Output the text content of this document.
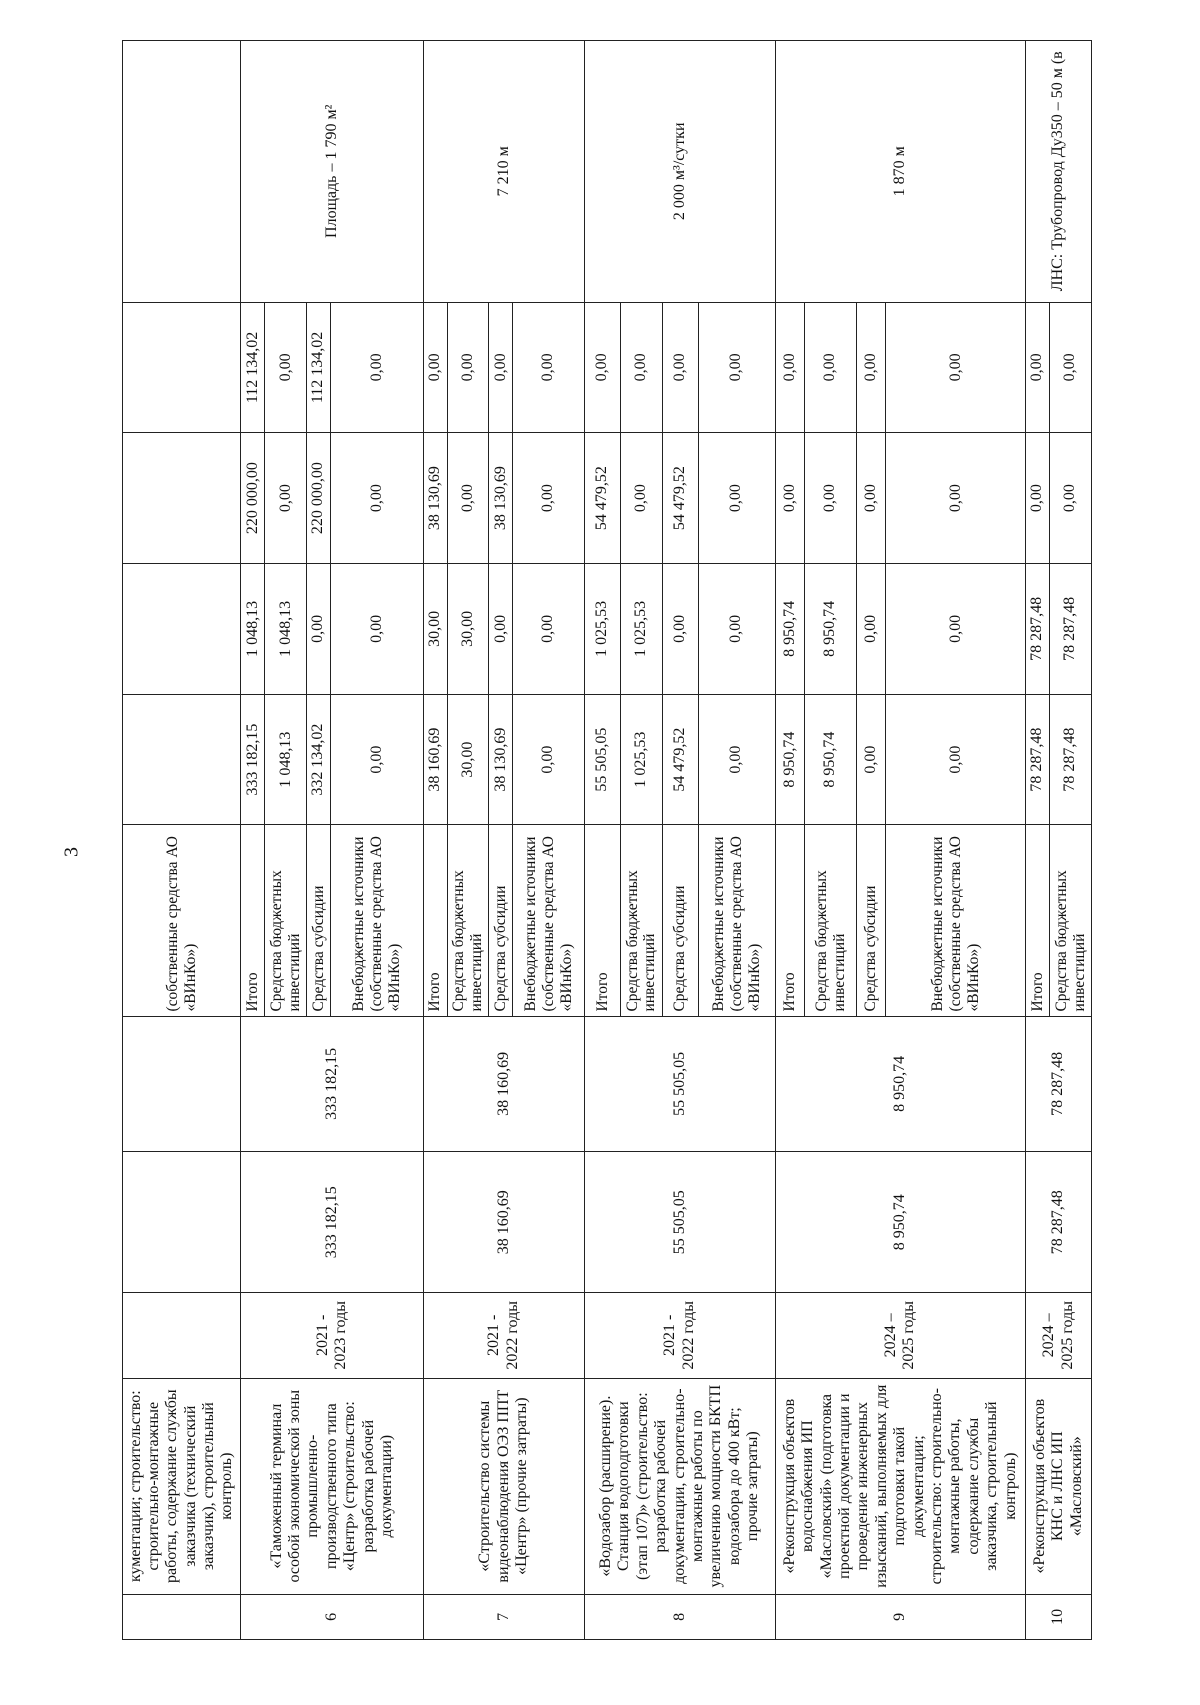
3
	кументации; строительство: строительно-монтажные работы, содержание службы заказчика (технический заказчик), строительный контроль)				(собственные средства АО «ВИнКо»)					
6	«Таможенный терминал особой экономической зоны промышленно-производственного типа «Центр» (строительство: разработка рабочей документации)	2021 - 2023 годы	333 182,15	333 182,15	Итого	333 182,15	1 048,13	220 000,00	112 134,02	Площадь – 1 790 м²
					Средства бюджетных инвестиций	1 048,13	1 048,13	0,00	0,00	
					Средства субсидии	332 134,02	0,00	220 000,00	112 134,02	
					Внебюджетные источники (собственные средства АО «ВИнКо»)	0,00	0,00	0,00	0,00	
7	«Строительство системы видеонаблюдения ОЭЗ ППТ «Центр» (прочие затраты)	2021 - 2022 годы	38 160,69	38 160,69	Итого	38 160,69	30,00	38 130,69	0,00	7 210 м
					Средства бюджетных инвестиций	30,00	30,00	0,00	0,00	
					Средства субсидии	38 130,69	0,00	38 130,69	0,00	
					Внебюджетные источники (собственные средства АО «ВИнКо»)	0,00	0,00	0,00	0,00	
8	«Водозабор (расширение). Станция водоподготовки (этап 107)» (строительство: разработка рабочей документации, строительно-монтажные работы по увеличению мощности БКТП водозабора до 400 кВт; прочие затраты)	2021 - 2022 годы	55 505,05	55 505,05	Итого	55 505,05	1 025,53	54 479,52	0,00	2 000 м³/сутки
					Средства бюджетных инвестиций	1 025,53	1 025,53	0,00	0,00	
					Средства субсидии	54 479,52	0,00	54 479,52	0,00	
					Внебюджетные источники (собственные средства АО «ВИнКо»)	0,00	0,00	0,00	0,00	
9	«Реконструкция объектов водоснабжения ИП «Масловский» (подготовка проектной документации и проведение инженерных изысканий, выполняемых для подготовки такой документации; строительство: строительно-монтажные работы, содержание службы заказчика, строительный контроль)	2024 – 2025 годы	8 950,74	8 950,74	Итого	8 950,74	8 950,74	0,00	0,00	1 870 м
					Средства бюджетных инвестиций	8 950,74	8 950,74	0,00	0,00	
					Средства субсидии	0,00	0,00	0,00	0,00	
					Внебюджетные источники (собственные средства АО «ВИнКо»)	0,00	0,00	0,00	0,00	
10	«Реконструкция объектов КНС и ЛНС ИП «Масловский»	2024 – 2025 годы	78 287,48	78 287,48	Итого	78 287,48	78 287,48	0,00	0,00	ЛНС: Трубопровод Ду350 – 50 м (в
					Средства бюджетных инвестиций	78 287,48	78 287,48	0,00	0,00	
